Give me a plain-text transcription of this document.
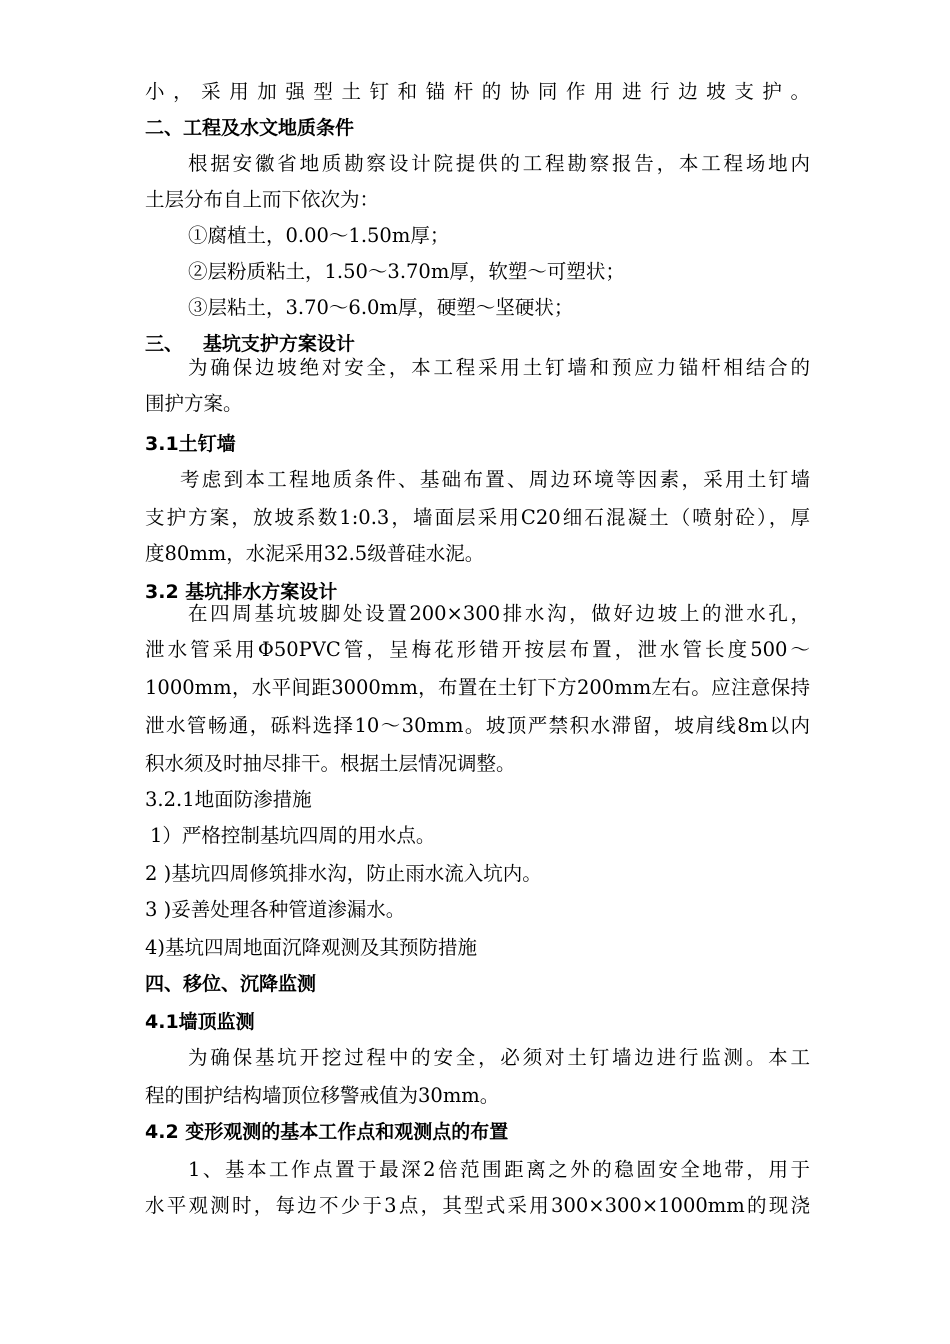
小，采用加强型土钉和锚杆的协同作用进行边坡支护。
二、工程及水文地质条件
根据安徽省地质勘察设计院提供的工程勘察报告，本工程场地内
土层分布自上而下依次为：
①腐植土，0.00～1.50m厚；
②层粉质粘土，1.50～3.70m厚，软塑～可塑状；
③层粘土，3.70～6.0m厚，硬塑～坚硬状；
三、   基坑支护方案设计
为确保边坡绝对安全，本工程采用土钉墙和预应力锚杆相结合的
围护方案。
3.1土钉墙
考虑到本工程地质条件、基础布置、周边环境等因素，采用土钉墙
支护方案，放坡系数1:0.3，墙面层采用C20细石混凝土（喷射砼），厚
度80mm，水泥采用32.5级普硅水泥。
3.2 基坑排水方案设计
在四周基坑坡脚处设置200×300排水沟，做好边坡上的泄水孔，
泄水管采用Φ50PVC管，呈梅花形错开按层布置，泄水管长度500～
1000mm，水平间距3000mm，布置在土钉下方200mm左右。应注意保持
泄水管畅通，砾料选择10～30mm。坡顶严禁积水滞留，坡肩线8m以内
积水须及时抽尽排干。根据土层情况调整。
3.2.1地面防渗措施
1）严格控制基坑四周的用水点。
2 )基坑四周修筑排水沟，防止雨水流入坑内。
3 )妥善处理各种管道渗漏水。
4)基坑四周地面沉降观测及其预防措施
四、移位、沉降监测
4.1墙顶监测
为确保基坑开挖过程中的安全，必须对土钉墙边进行监测。本工
程的围护结构墙顶位移警戒值为30mm。
4.2 变形观测的基本工作点和观测点的布置
1、基本工作点置于最深2倍范围距离之外的稳固安全地带，用于
水平观测时，每边不少于3点，其型式采用300×300×1000mm的现浇
